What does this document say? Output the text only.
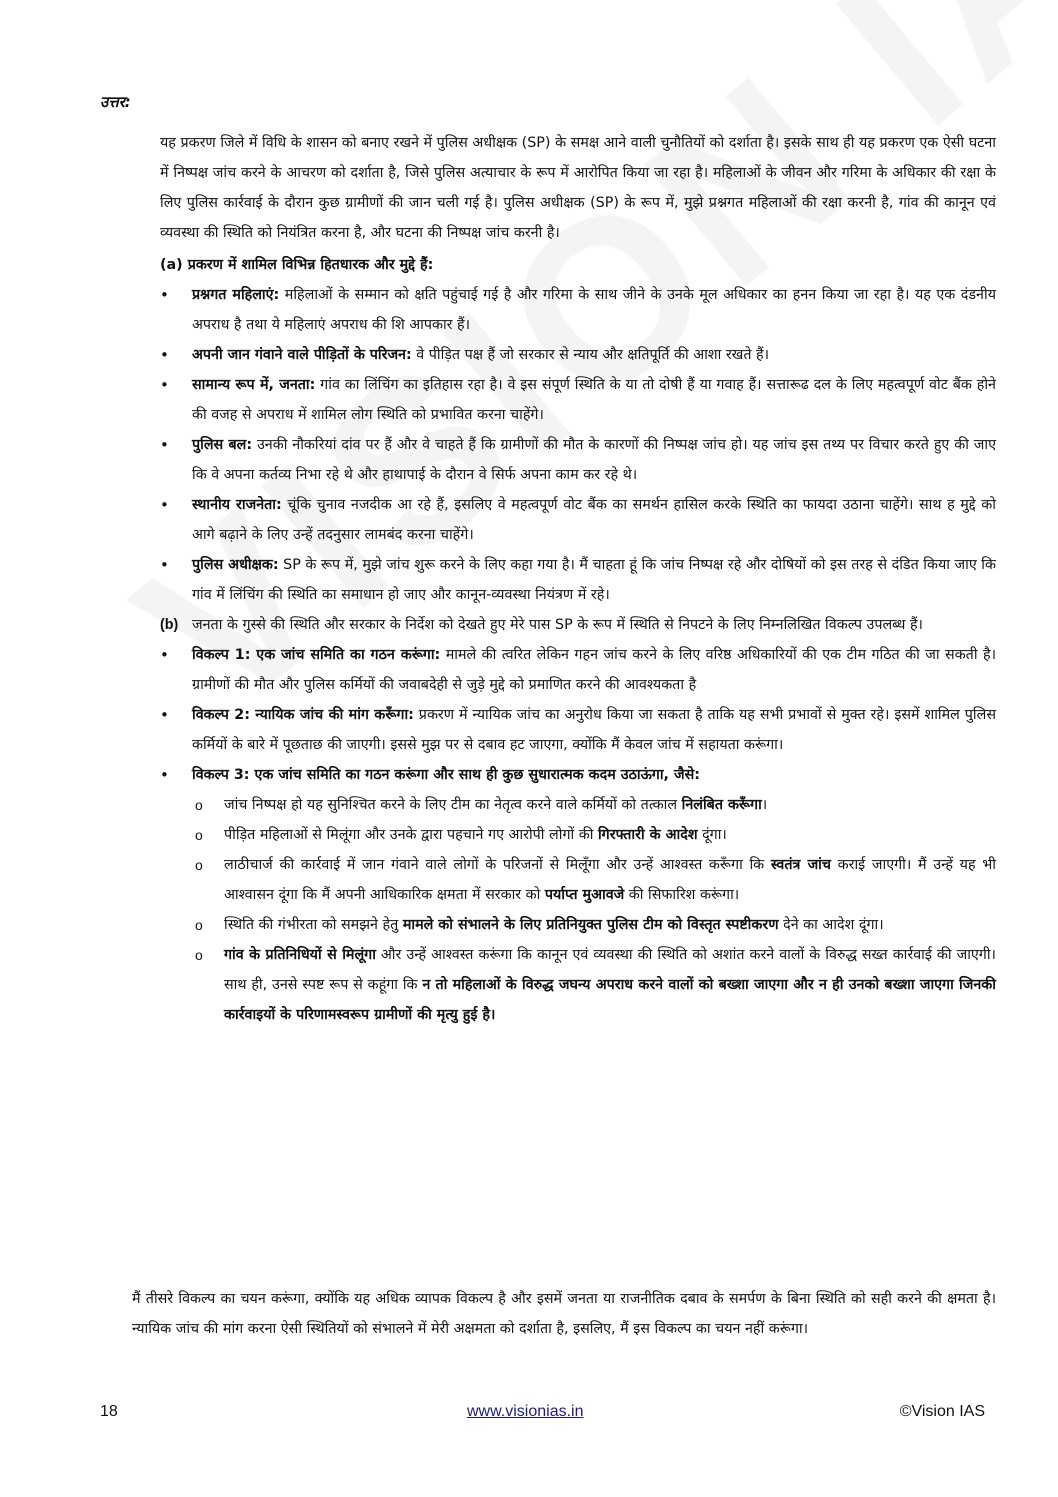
उत्तर:

यह प्रकरण जिले में विधि के शासन को बनाए रखने में पुलिस अधीक्षक (SP) के समक्ष आने वाली चुनौतियों को दर्शाता है। इसके साथ ही यह प्रकरण एक ऐसी घटना में निष्पक्ष जांच करने के आचरण को दर्शाता है, जिसे पुलिस अत्याचार के रूप में आरोपित किया जा रहा है। महिलाओं के जीवन और गरिमा के अधिकार की रक्षा के लिए पुलिस कार्रवाई के दौरान कुछ ग्रामीणों की जान चली गई है। पुलिस अधीक्षक (SP) के रूप में, मुझे प्रश्नगत महिलाओं की रक्षा करनी है, गांव की कानून एवं व्यवस्था की स्थिति को नियंत्रित करना है, और घटना की निष्पक्ष जांच करनी है।

(a) प्रकरण में शामिल विभिन्न हितधारक और मुद्दे हैं:

• प्रश्नगत महिलाएं: महिलाओं के सम्मान को क्षति पहुंचाई गई है और गरिमा के साथ जीने के उनके मूल अधिकार का हनन किया जा रहा है। यह एक दंडनीय अपराध है तथा ये महिलाएं अपराध की शि आपकार हैं।
• अपनी जान गंवाने वाले पीड़ितों के परिजन: वे पीड़ित पक्ष हैं जो सरकार से न्याय और क्षतिपूर्ति की आशा रखते हैं।
• सामान्य रूप में, जनता: गांव का लिंचिंग का इतिहास रहा है। वे इस संपूर्ण स्थिति के या तो दोषी हैं या गवाह हैं। सत्तारूढ दल के लिए महत्वपूर्ण वोट बैंक होने की वजह से अपराध में शामिल लोग स्थिति को प्रभावित करना चाहेंगे।
• पुलिस बल: उनकी नौकरियां दांव पर हैं और वे चाहते हैं कि ग्रामीणों की मौत के कारणों की निष्पक्ष जांच हो। यह जांच इस तथ्य पर विचार करते हुए की जाए कि वे अपना कर्तव्य निभा रहे थे और हाथापाई के दौरान वे सिर्फ अपना काम कर रहे थे।
• स्थानीय राजनेता: चूंकि चुनाव नजदीक आ रहे हैं, इसलिए वे महत्वपूर्ण वोट बैंक का समर्थन हासिल करके स्थिति का फायदा उठाना चाहेंगे। साथ ह मुद्दे को आगे बढ़ाने के लिए उन्हें तदनुसार लामबंद करना चाहेंगे।
• पुलिस अधीक्षक: SP के रूप में, मुझे जांच शुरू करने के लिए कहा गया है। मैं चाहता हूं कि जांच निष्पक्ष रहे और दोषियों को इस तरह से दंडित किया जाए कि गांव में लिंचिंग की स्थिति का समाधान हो जाए और कानून-व्यवस्था नियंत्रण में रहे।

(b) जनता के गुस्से की स्थिति और सरकार के निर्देश को देखते हुए मेरे पास SP के रूप में स्थिति से निपटने के लिए निम्नलिखित विकल्प उपलब्ध हैं।

• विकल्प 1: एक जांच समिति का गठन करूंगा: मामले की त्वरित लेकिन गहन जांच करने के लिए वरिष्ठ अधिकारियों की एक टीम गठित की जा सकती है। ग्रामीणों की मौत और पुलिस कर्मियों की जवाबदेही से जुड़े मुद्दे को प्रमाणित करने की आवश्यकता है
• विकल्प 2: न्यायिक जांच की मांग करूँगा: प्रकरण में न्यायिक जांच का अनुरोध किया जा सकता है ताकि यह सभी प्रभावों से मुक्त रहे। इसमें शामिल पुलिस कर्मियों के बारे में पूछताछ की जाएगी। इससे मुझ पर से दबाव हट जाएगा, क्योंकि मैं केवल जांच में सहायता करूंगा।
• विकल्प 3: एक जांच समिति का गठन करूंगा और साथ ही कुछ सुधारात्मक कदम उठाऊंगा, जैसे:
o जांच निष्पक्ष हो यह सुनिश्चित करने के लिए टीम का नेतृत्व करने वाले कर्मियों को तत्काल निलंबित करूँगा।
o पीड़ित महिलाओं से मिलूंगा और उनके द्वारा पहचाने गए आरोपी लोगों की गिरफ्तारी के आदेश दूंगा।
o लाठीचार्ज की कार्रवाई में जान गंवाने वाले लोगों के परिजनों से मिलूँगा और उन्हें आश्वस्त करूँगा कि स्वतंत्र जांच कराई जाएगी। मैं उन्हें यह भी आश्वासन दूंगा कि मैं अपनी आधिकारिक क्षमता में सरकार को पर्याप्त मुआवजे की सिफारिश करूंगा।
o स्थिति की गंभीरता को समझने हेतु मामले को संभालने के लिए प्रतिनियुक्त पुलिस टीम को विस्तृत स्पष्टीकरण देने का आदेश दूंगा।
o गांव के प्रतिनिधियों से मिलूंगा और उन्हें आश्वस्त करूंगा कि कानून एवं व्यवस्था की स्थिति को अशांत करने वालों के विरुद्ध सख्त कार्रवाई की जाएगी। साथ ही, उनसे स्पष्ट रूप से कहूंगा कि न तो महिलाओं के विरुद्ध जघन्य अपराध करने वालों को बख्शा जाएगा और न ही उनको बख्शा जाएगा जिनकी कार्रवाइयों के परिणामस्वरूप ग्रामीणों की मृत्यु हुई है।

मैं तीसरे विकल्प का चयन करूंगा, क्योंकि यह अधिक व्यापक विकल्प है और इसमें जनता या राजनीतिक दबाव के समर्पण के बिना स्थिति को सही करने की क्षमता है। न्यायिक जांच की मांग करना ऐसी स्थितियों को संभालने में मेरी अक्षमता को दर्शाता है, इसलिए, मैं इस विकल्प का चयन नहीं करूंगा।

18	www.visionias.in	©Vision IAS
